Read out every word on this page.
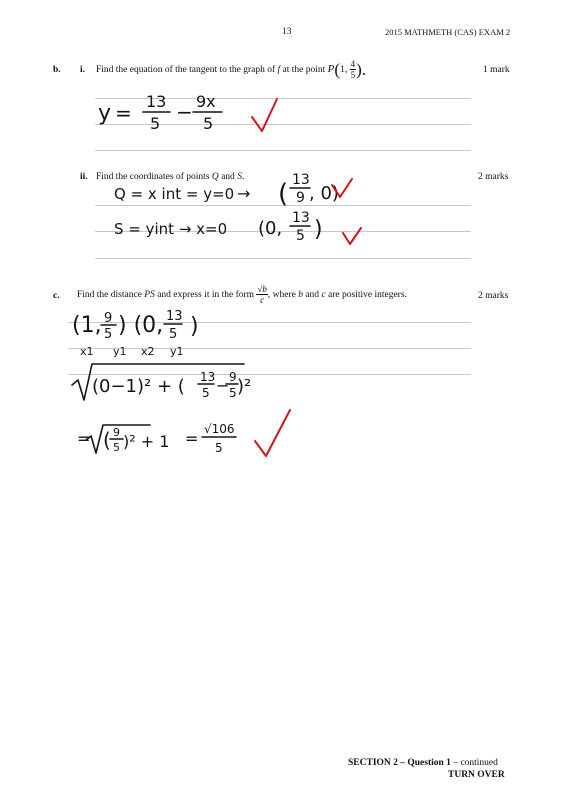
13	2015 MATHMETH (CAS) EXAM 2
b. i. Find the equation of the tangent to the graph of f at the point P(1, $\frac{4}{5}$ ).	1 mark
ii. Find the coordinates of points Q and S.	2 marks
c. Find the distance PS and express it in the form $\frac{√b}{c}$ , where b and c are positive integers.	2 marks
y = 13
5 − 9x
5
Q = x int = y=0 → ( 13
9 , 0)
S = yint → x=0 (0, 13
5 )
(1, 9
5 ) (0, 13
5 )
x1 y1 x2 y1
(0−1)² + ( 13
5 − 9
5 )²
= ( 9
5 )² + 1 = √106
5
SECTION 2 – Question 1 – continued
TURN OVER
